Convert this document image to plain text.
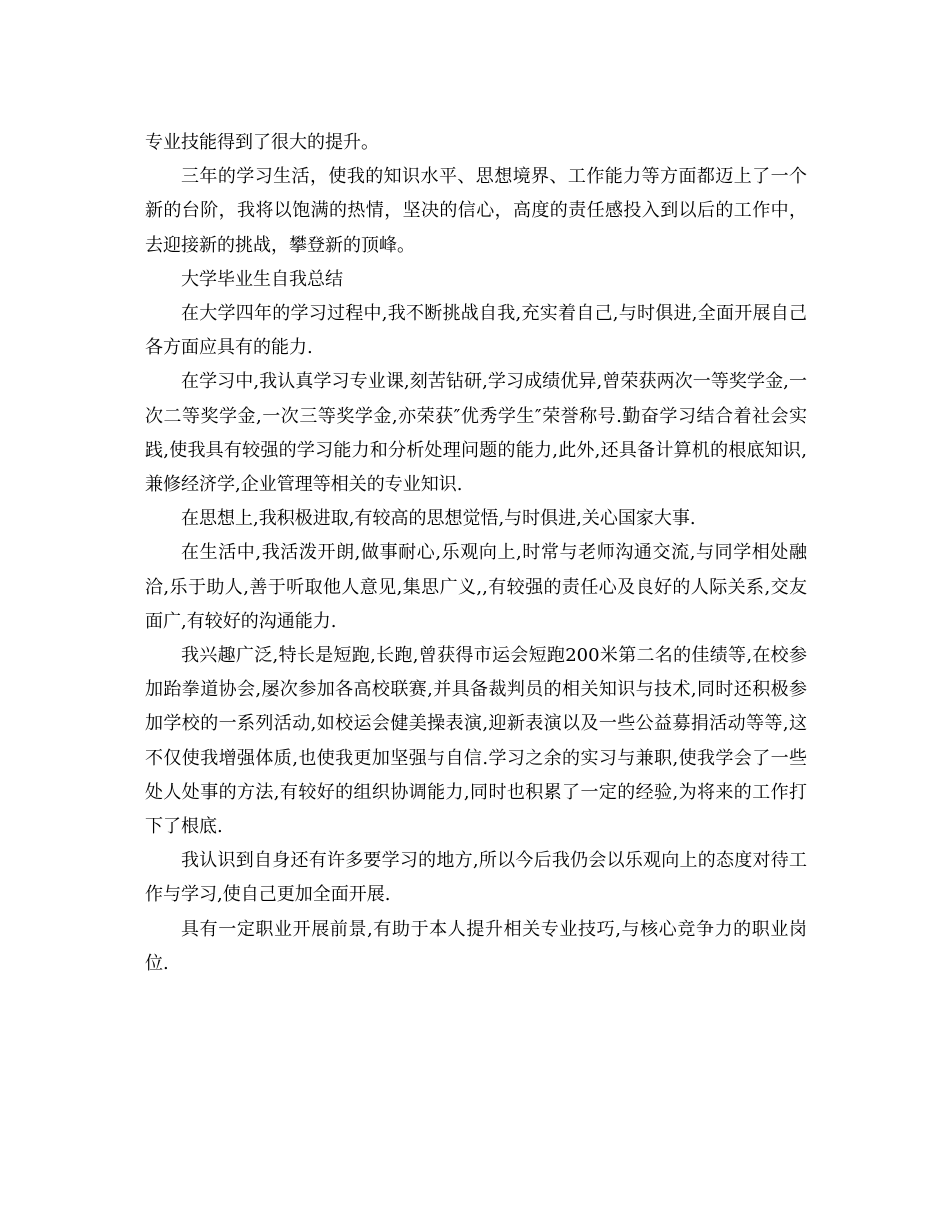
专业技能得到了很大的提升。

三年的学习生活，使我的知识水平、思想境界、工作能力等方面都迈上了一个新的台阶，我将以饱满的热情，坚决的信心，高度的责任感投入到以后的工作中，去迎接新的挑战，攀登新的顶峰。

大学毕业生自我总结

在大学四年的学习过程中,我不断挑战自我,充实着自己,与时俱进,全面开展自己各方面应具有的能力.

在学习中,我认真学习专业课,刻苦钻研,学习成绩优异,曾荣获两次一等奖学金,一次二等奖学金,一次三等奖学金,亦荣获″优秀学生″荣誉称号.勤奋学习结合着社会实践,使我具有较强的学习能力和分析处理问题的能力,此外,还具备计算机的根底知识,兼修经济学,企业管理等相关的专业知识.

在思想上,我积极进取,有较高的思想觉悟,与时俱进,关心国家大事.

在生活中,我活泼开朗,做事耐心,乐观向上,时常与老师沟通交流,与同学相处融洽,乐于助人,善于听取他人意见,集思广义,,有较强的责任心及良好的人际关系,交友面广,有较好的沟通能力.

我兴趣广泛,特长是短跑,长跑,曾获得市运会短跑200米第二名的佳绩等,在校参加跆拳道协会,屡次参加各高校联赛,并具备裁判员的相关知识与技术,同时还积极参加学校的一系列活动,如校运会健美操表演,迎新表演以及一些公益募捐活动等等,这不仅使我增强体质,也使我更加坚强与自信.学习之余的实习与兼职,使我学会了一些处人处事的方法,有较好的组织协调能力,同时也积累了一定的经验,为将来的工作打下了根底.

我认识到自身还有许多要学习的地方,所以今后我仍会以乐观向上的态度对待工作与学习,使自己更加全面开展.

具有一定职业开展前景,有助于本人提升相关专业技巧,与核心竞争力的职业岗位.
